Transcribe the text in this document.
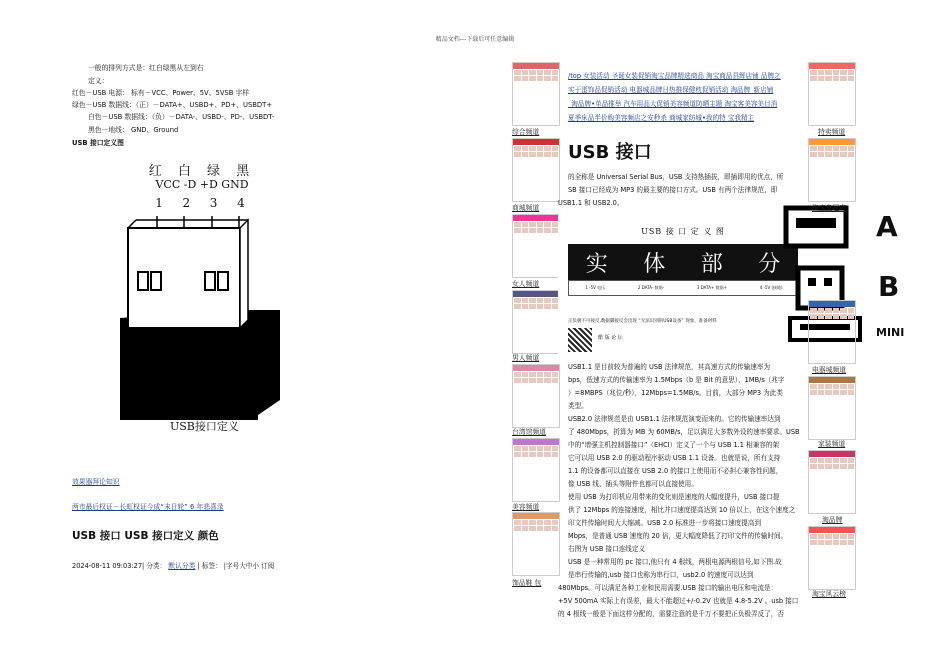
精品文档---下载后可任意编辑
一般的排列方式是：红白绿黑从左到右
定义：
红色－USB 电源： 标有－VCC、Power、5V、5VSB 字样
绿色－USB 数据线：（正）－DATA+、USBD+、PD+、USBDT+
白色－USB 数据线：（负）－DATA-、USBD-、PD-、USBDT-
黑色－地线： GND、Ground
USB 接口定义图
红 白 绿 黑
VCC -D +D GND
1  2  3  4
USB接口定义
效果器拜论知识
两市最后权证－长虹权证今成“末日轮” 6 年悲喜录
USB 接口 USB 接口定义 颜色
2024-08-11 09:03:27| 分类： 默认分类 | 标签： |字号大中小 订阅
综合频道
商城频道
女人频道
男人频道
台湾馆频道
美容频道
饰品鞋 包
/top 女装活动 圣诞女装促销淘宝品牌精选商品 淘宝商品县辉店铺 品牌之
实于蛋饰品促销活动 电器城品牌日热推保健枕促销活动 淘品牌_新店铺
_淘品牌•单品推举 汽车用品大促销美容频道防晒主题 淘宝客美容美目消
夏季床品半价购美容频店之安秒杀 商城家纺城•我的特 宝我精主
USB 接口
的全称是 Universal Serial Bus，USB 支持热插拔，即插即用的优点，所
SB 接口已经成为 MP3 的最主要的接口方式。USB 有两个法律规范，即
USB1.1 和 USB2.0。
USB 接 口 定 义 图
实 体 部 分
1 -5V 电压	2 DATA- 数据-	3 DATA+ 数据+	4 -5V (接地)
正负极不可接反,数据脚接反会出现 “无法识别的USB设备” 现象，准备材料
酷 版 论 坛
A
B
MINI
USB1.1 是目前较为普遍的 USB 法律规范，其高速方式的传输速率为
bps，低速方式的传输速率为 1.5Mbps（b 是 Bit 的意思），1MB/s（兆字
）=8MBPS（兆位/秒），12Mbps=1.5MB/s。目前，大部分 MP3 为此类
类型。
USB2.0 法律规范是由 USB1.1 法律规范演变而来的。它的传输速率达到
了 480Mbps，折算为 MB 为 60MB/s，足以满足大多数外设的速率要求。USB
中的“增强主机控制器接口”（EHCI）定义了一个与 USB 1.1 相兼容的架
它可以用 USB 2.0 的驱动程序驱动 USB 1.1 设备。也就是说，所有支持
1.1 的设备都可以直接在 USB 2.0 的接口上使用而不必担心兼容性问题，
像 USB 线、插头等附件也都可以直接使用。
使用 USB 为打印机应用带来的变化则是速度的大幅度提升，USB 接口提
供了 12Mbps 的连接速度，相比并口速度提高达到 10 倍以上，在这个速度之
印文件传输时间大大缩减。USB 2.0 标准进一步将接口速度提高到
Mbps，是普通 USB 速度的 20 倍，更大幅度降低了打印文件的传输时间。
右图为 USB 接口连线定义
USB 是一种常用的 pc 接口,他只有 4 根线，两根电源两根信号,如下图.故
是串行传输的,usb 接口也称为串行口，usb2.0 的速度可以达到
480Mbps。可以满足各种工业和民用需要.USB 接口的输出电压和电流是：
+5V 500mA 实际上有误差，最大不能超过+/-0.2V 也就是 4.8-5.2V 。usb 接口
的 4 根线一般是下面这样分配的，需要注意的是千万不要把正负极弄反了，否
特卖频道
淘宝皇冠店
电器城频道
家装频道
淘品牌
淘宝风云榜
